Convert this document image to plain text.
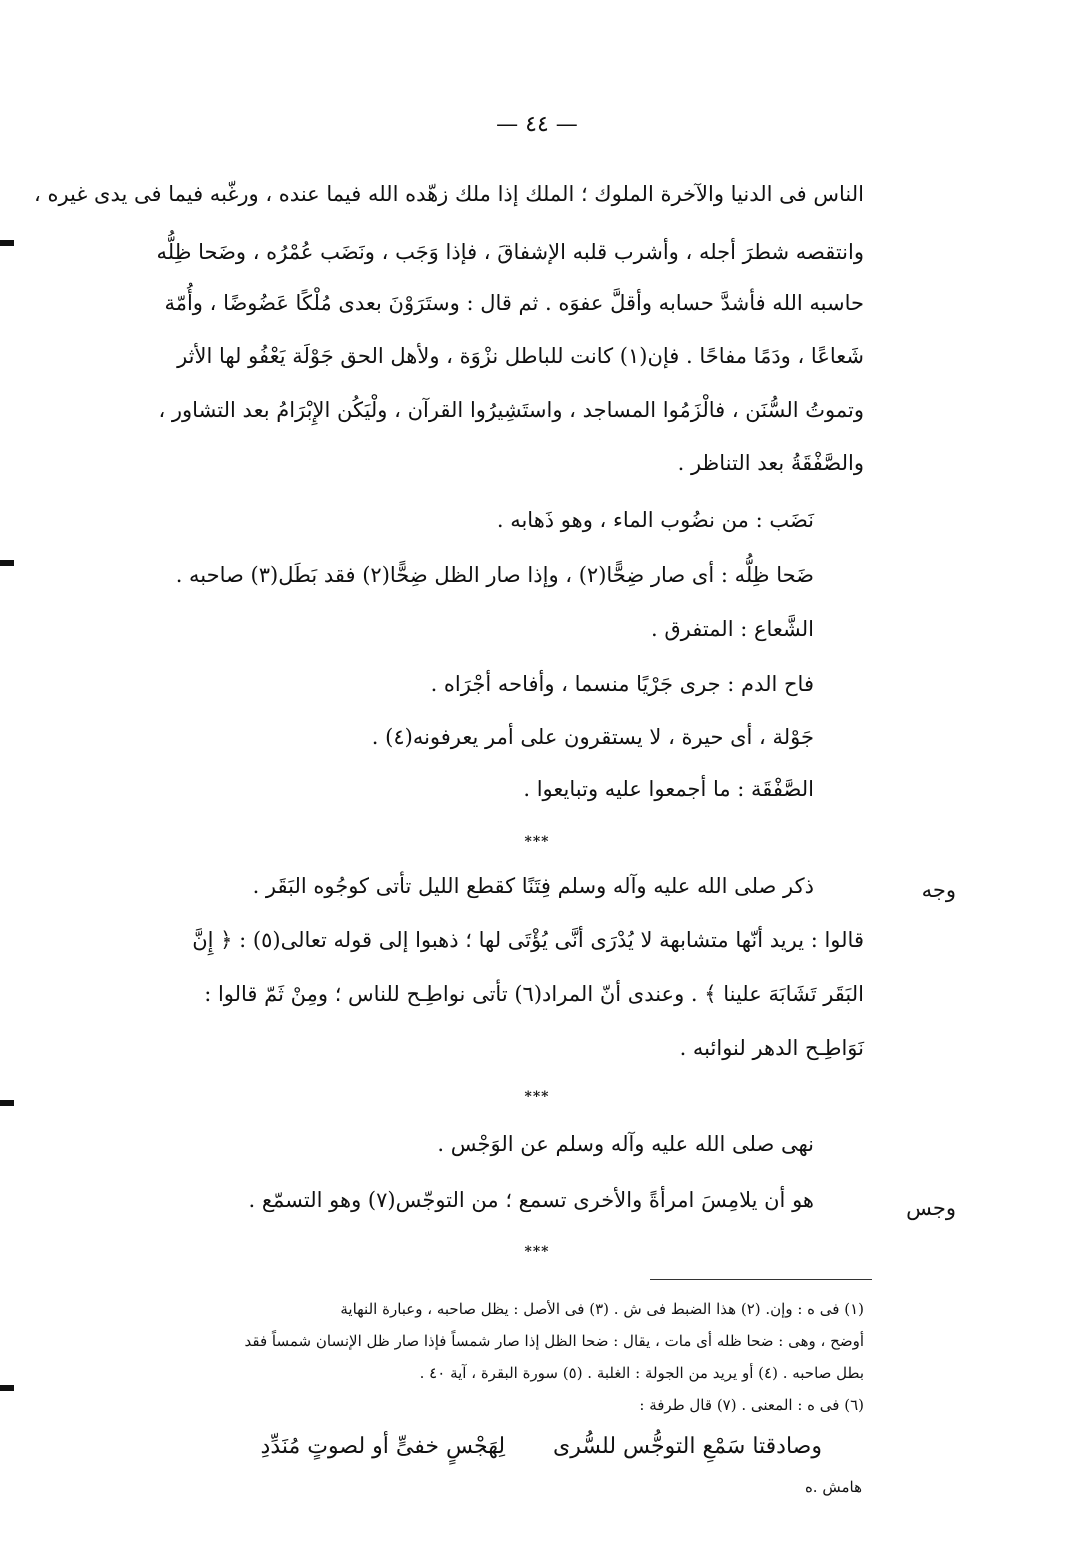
— ٤٤ —
الناس فى الدنيا والآخرة الملوك ؛ الملك إذا ملك زهّده الله فيما عنده ، ورغّبه فيما فى يدى غيره ،
وانتقصه شطرَ أجله ، وأشرب قلبه الإشفاقَ ، فإذا وَجَب ، ونَضَب عُمْرُه ، وضَحا ظِلُّه
حاسبه الله فأشدَّ حسابه وأقلَّ عفوَه . ثم قال : وستَرَوْنَ بعدى مُلْكًا عَضُوضًا ، وأُمّة
شَعاعًا ، ودَمًا مفاحًا . فإن(١) كانت للباطل نزْوَة ، ولأهل الحق جَوْلَة يَعْفُو لها الأثر
وتموتُ السُّنَن ، فالْزَمُوا المساجد ، واستَشِيرُوا القرآن ، ولْيَكُن الإِبْرَامُ بعد التشاور ،
والصَّفْقَةُ بعد التناظر .
نَضَب : من نضُوب الماء ، وهو ذَهابه .
ضَحا ظِلُّه : أى صار ضِحًّا(٢) ، وإذا صار الظل ضِحًّا(٢) فقد بَطَل(٣) صاحبه .
الشَّعاع : المتفرق .
فاح الدم : جرى جَرْيًا منسما ، وأفاحه أجْرَاه .
جَوْلة ، أى حيرة ، لا يستقرون على أمر يعرفونه(٤) .
الصَّفْقَة : ما أجمعوا عليه وتبايعوا .
***
وجه
ذكر صلى الله عليه وآله وسلم فِتَنًا كقطع الليل تأتى كوجُوه البَقَر .
قالوا : يريد أنّها متشابهة لا يُدْرَى أنَّى يُؤْتَى لها ؛ ذهبوا إلى قوله تعالى(٥) : ﴿ إِنَّ
البَقَر تَشَابَهَ علينا ﴾ . وعندى أنّ المراد(٦) تأتى نواطِـح للناس ؛ ومِنْ ثَمّ قالوا :
نَوَاطِـح الدهر لنوائبه .
***
نهى صلى الله عليه وآله وسلم عن الوَجْس .
وجس
هو أن يلامِسَ امرأةً والأخرى تسمع ؛ من التوجّس(٧) وهو التسمّع .
***
(١) فى ه : وإن. (٢) هذا الضبط فى ش . (٣) فى الأصل : يظل صاحبه ، وعبارة النهاية
أوضح ، وهى : ضحا ظله أى مات ، يقال : ضحا الظل إذا صار شمساً فإذا صار ظل الإنسان شمساً فقد
بطل صاحبه . (٤) أو يريد من الجولة : الغلبة . (٥) سورة البقرة ، آية ٤٠ .
(٦) فى ه : المعنى . (٧) قال طرفة :
وصادقتا سَمْعِ التوجُّس للسُّرىلِهَجْسٍ خفىٍّ أو لصوتٍ مُنَدِّدِ
هامش .ه
